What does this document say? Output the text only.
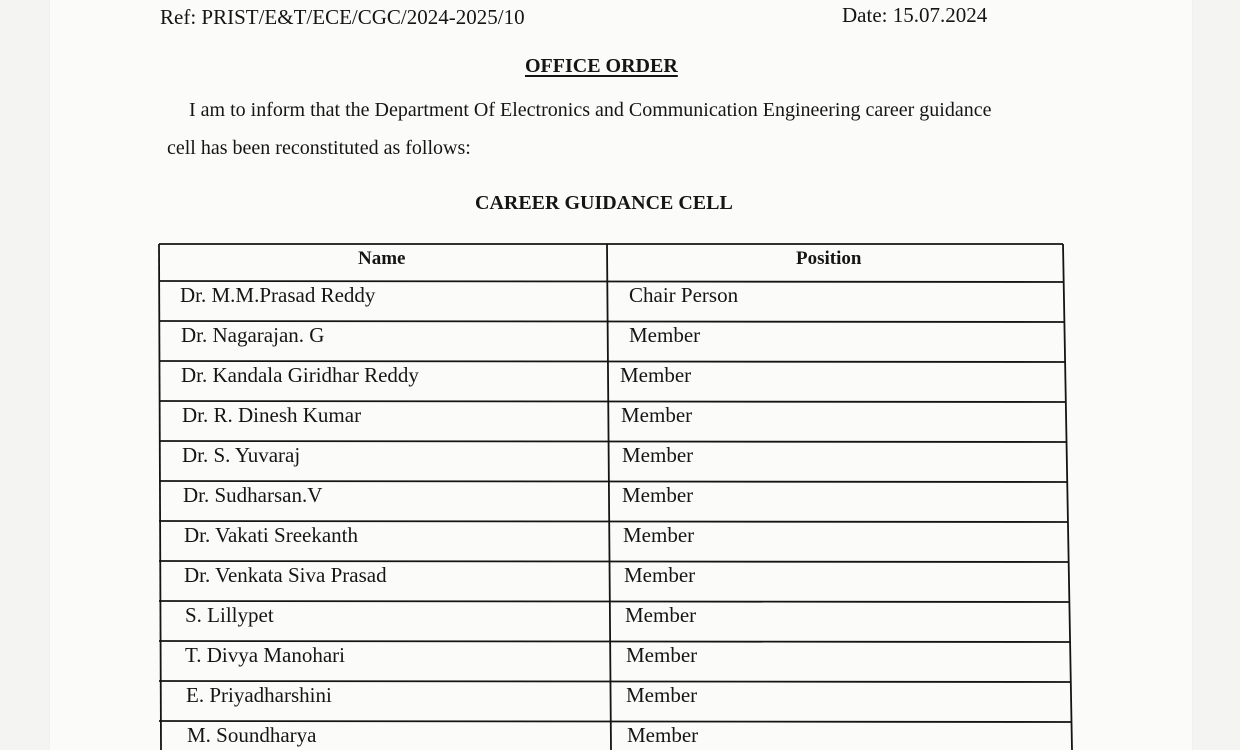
Ref: PRIST/E&T/ECE/CGC/2024-2025/10	Date: 15.07.2024
OFFICE ORDER
I am to inform that the Department Of Electronics and Communication Engineering career guidance
cell has been reconstituted as follows:
CAREER GUIDANCE CELL
Name	Position
Dr. M.M.Prasad Reddy	Chair Person
Dr. Nagarajan. G	Member
Dr. Kandala Giridhar Reddy	Member
Dr. R. Dinesh Kumar	Member
Dr. S. Yuvaraj	Member
Dr. Sudharsan.V	Member
Dr. Vakati Sreekanth	Member
Dr. Venkata Siva Prasad	Member
S. Lillypet	Member
T. Divya Manohari	Member
E. Priyadharshini	Member
M. Soundharya	Member
